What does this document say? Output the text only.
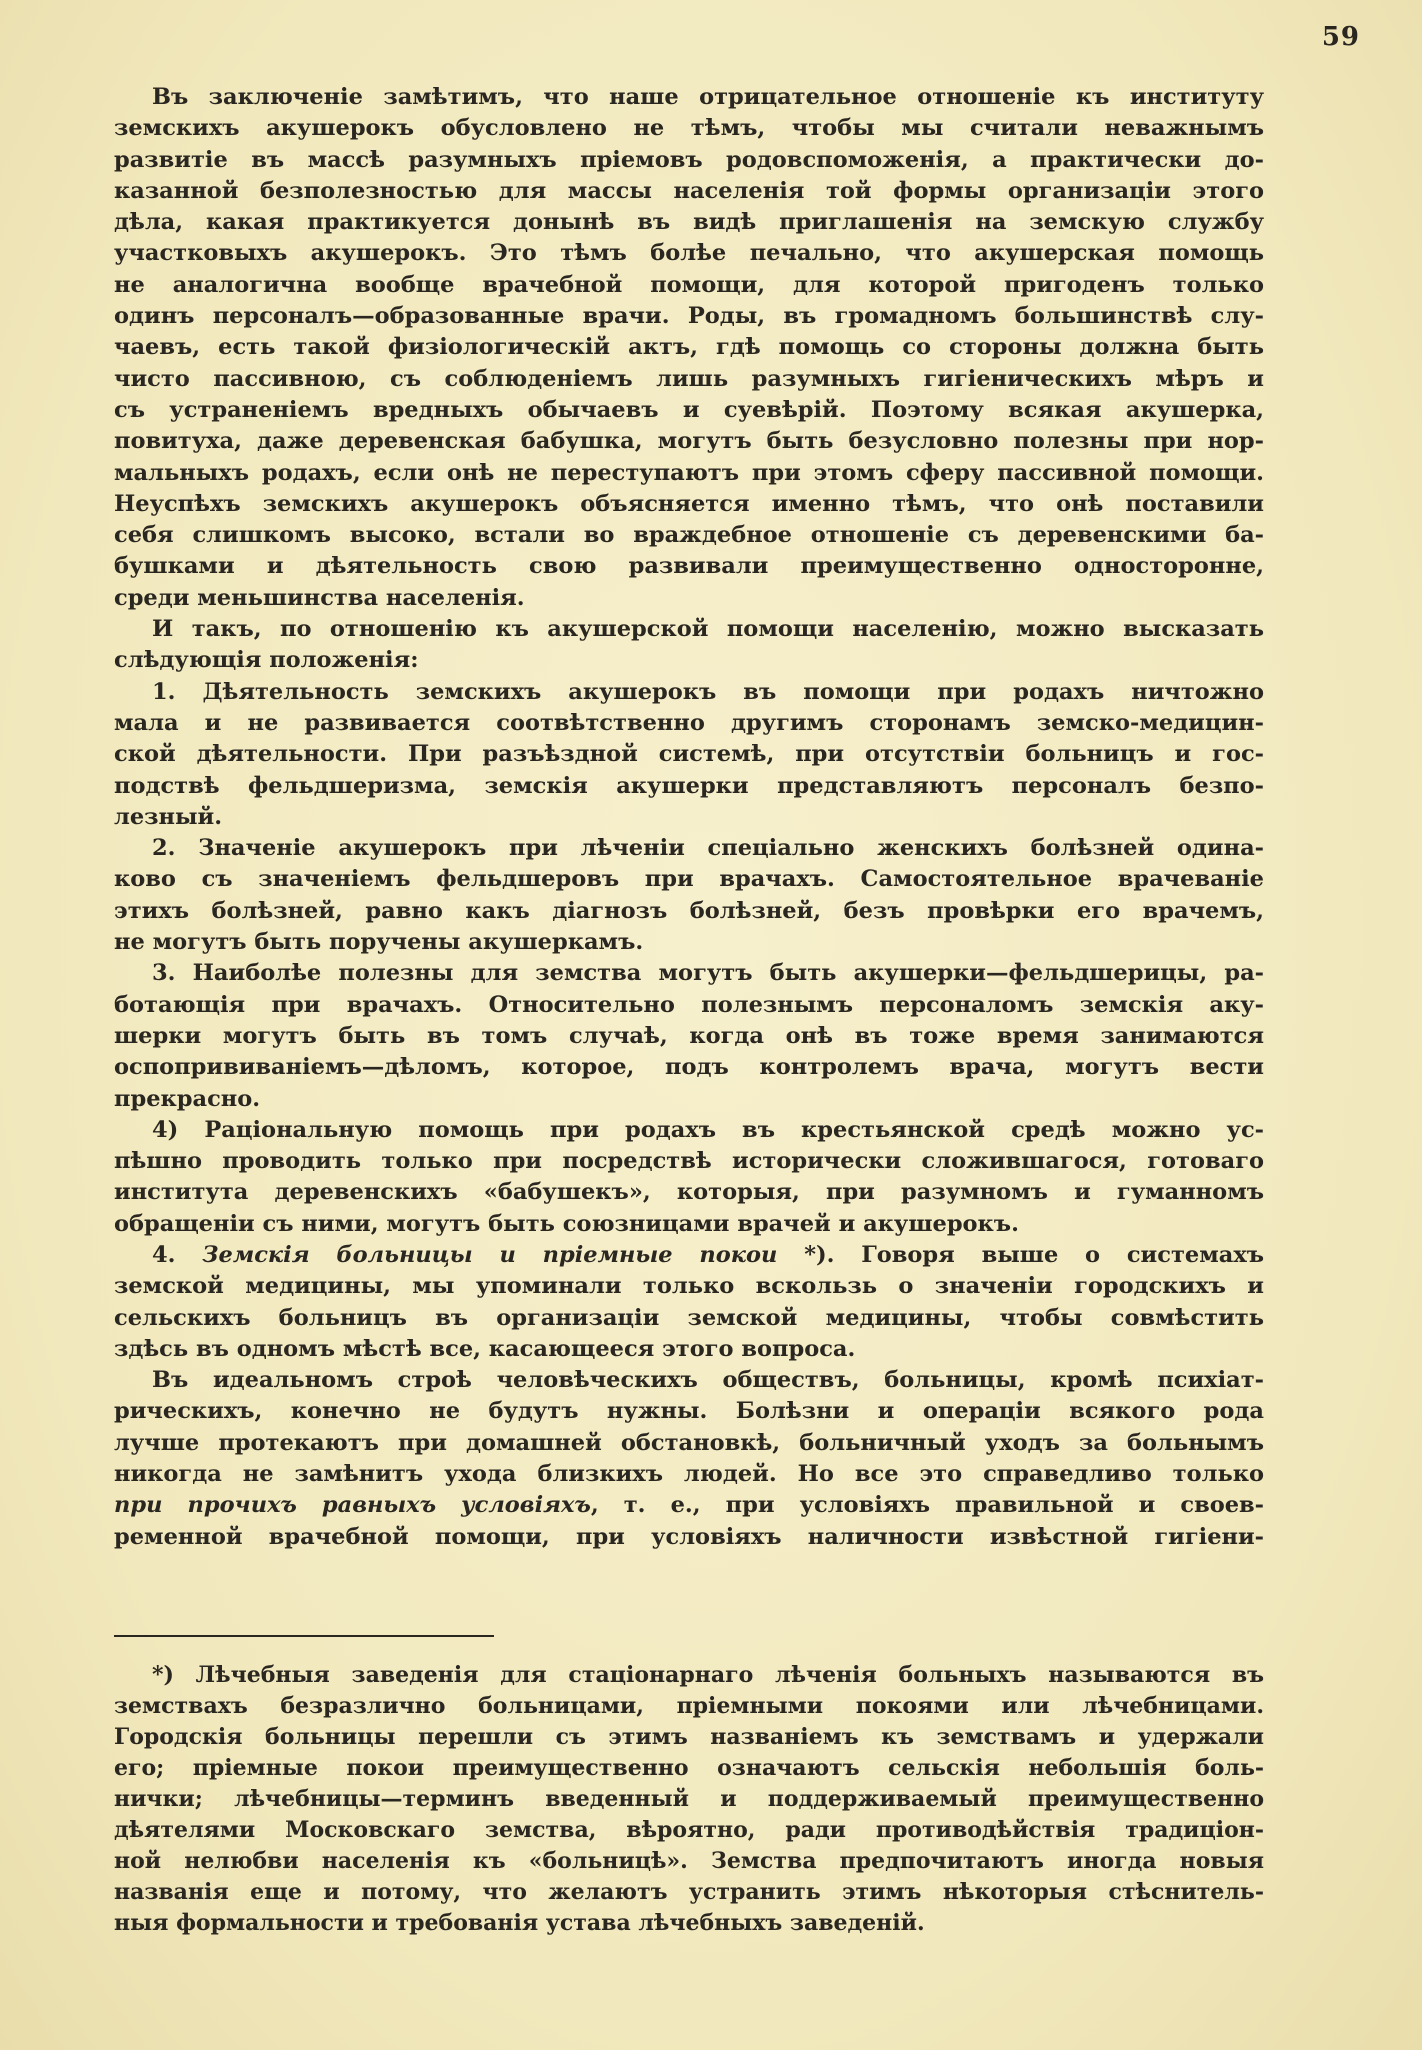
59
Въ заключеніе замѣтимъ, что наше отрицательное отношеніе къ институту
земскихъ акушерокъ обусловлено не тѣмъ, чтобы мы считали неважнымъ
развитіе въ массѣ разумныхъ пріемовъ родовспоможенія, а практически до-
казанной безполезностью для массы населенія той формы организаціи этого
дѣла, какая практикуется донынѣ въ видѣ приглашенія на земскую службу
участковыхъ акушерокъ. Это тѣмъ болѣе печально, что акушерская помощь
не аналогична вообще врачебной помощи, для которой пригоденъ только
одинъ персоналъ—образованные врачи. Роды, въ громадномъ большинствѣ слу-
чаевъ, есть такой физіологическій актъ, гдѣ помощь со стороны должна быть
чисто пассивною, съ соблюденіемъ лишь разумныхъ гигіеническихъ мѣръ и
съ устраненіемъ вредныхъ обычаевъ и суевѣрій. Поэтому всякая акушерка,
повитуха, даже деревенская бабушка, могутъ быть безусловно полезны при нор-
мальныхъ родахъ, если онѣ не переступаютъ при этомъ сферу пассивной помощи.
Неуспѣхъ земскихъ акушерокъ объясняется именно тѣмъ, что онѣ поставили
себя слишкомъ высоко, встали во враждебное отношеніе съ деревенскими ба-
бушками и дѣятельность свою развивали преимущественно односторонне,
среди меньшинства населенія.
И такъ, по отношенію къ акушерской помощи населенію, можно высказать
слѣдующія положенія:
1. Дѣятельность земскихъ акушерокъ въ помощи при родахъ ничтожно
мала и не развивается соотвѣтственно другимъ сторонамъ земско-медицин-
ской дѣятельности. При разъѣздной системѣ, при отсутствіи больницъ и гос-
подствѣ фельдшеризма, земскія акушерки представляютъ персоналъ безпо-
лезный.
2. Значеніе акушерокъ при лѣченіи спеціально женскихъ болѣзней одина-
ково съ значеніемъ фельдшеровъ при врачахъ. Самостоятельное врачеваніе
этихъ болѣзней, равно какъ діагнозъ болѣзней, безъ провѣрки его врачемъ,
не могутъ быть поручены акушеркамъ.
3. Наиболѣе полезны для земства могутъ быть акушерки—фельдшерицы, ра-
ботающія при врачахъ. Относительно полезнымъ персоналомъ земскія аку-
шерки могутъ быть въ томъ случаѣ, когда онѣ въ тоже время занимаются
оспопрививаніемъ—дѣломъ, которое, подъ контролемъ врача, могутъ вести
прекрасно.
4) Раціональную помощь при родахъ въ крестьянской средѣ можно ус-
пѣшно проводить только при посредствѣ исторически сложившагося, готоваго
института деревенскихъ «бабушекъ», которыя, при разумномъ и гуманномъ
обращеніи съ ними, могутъ быть союзницами врачей и акушерокъ.
4. Земскія больницы и пріемные покои *). Говоря выше о системахъ
земской медицины, мы упоминали только вскользь о значеніи городскихъ и
сельскихъ больницъ въ организаціи земской медицины, чтобы совмѣстить
здѣсь въ одномъ мѣстѣ все, касающееся этого вопроса.
Въ идеальномъ строѣ человѣческихъ обществъ, больницы, кромѣ психіат-
рическихъ, конечно не будутъ нужны. Болѣзни и операціи всякого рода
лучше протекаютъ при домашней обстановкѣ, больничный уходъ за больнымъ
никогда не замѣнитъ ухода близкихъ людей. Но все это справедливо только
при прочихъ равныхъ условіяхъ, т. е., при условіяхъ правильной и своев-
ременной врачебной помощи, при условіяхъ наличности извѣстной гигіени-
*) Лѣчебныя заведенія для стаціонарнаго лѣченія больныхъ называются въ
земствахъ безразлично больницами, пріемными покоями или лѣчебницами.
Городскія больницы перешли съ этимъ названіемъ къ земствамъ и удержали
его; пріемные покои преимущественно означаютъ сельскія небольшія боль-
нички; лѣчебницы—терминъ введенный и поддерживаемый преимущественно
дѣятелями Московскаго земства, вѣроятно, ради противодѣйствія традиціон-
ной нелюбви населенія къ «больницѣ». Земства предпочитаютъ иногда новыя
названія еще и потому, что желаютъ устранить этимъ нѣкоторыя стѣснитель-
ныя формальности и требованія устава лѣчебныхъ заведеній.
